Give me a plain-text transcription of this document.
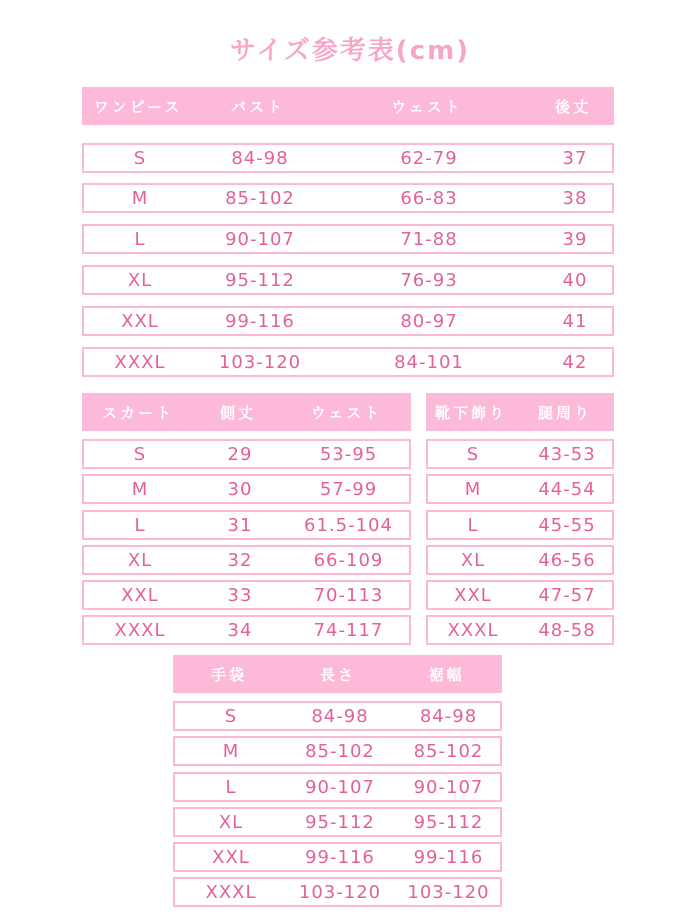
サイズ参考表(cm)
ワンピース	バスト	ウェスト	後丈
S	84-98	62-79	37
M	85-102	66-83	38
L	90-107	71-88	39
XL	95-112	76-93	40
XXL	99-116	80-97	41
XXXL	103-120	84-101	42
スカート	側丈	ウェスト
S	29	53-95
M	30	57-99
L	31	61.5-104
XL	32	66-109
XXL	33	70-113
XXXL	34	74-117
靴下飾り	腿周り
S	43-53
M	44-54
L	45-55
XL	46-56
XXL	47-57
XXXL	48-58
手袋	長さ	裾幅
S	84-98	84-98
M	85-102	85-102
L	90-107	90-107
XL	95-112	95-112
XXL	99-116	99-116
XXXL	103-120	103-120
